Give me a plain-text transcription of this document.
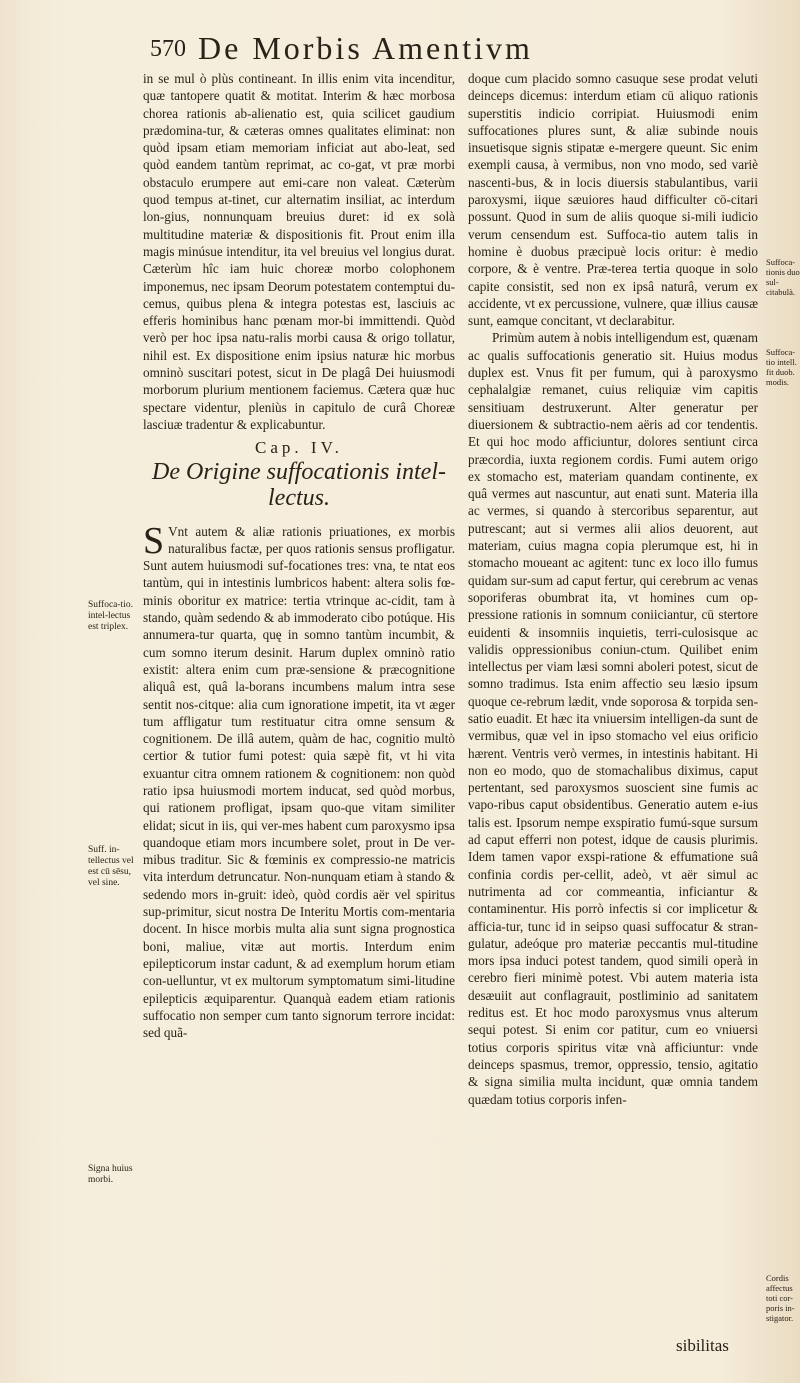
570 De Morbis Amentivm

in se mul ò plùs contineant. In illis enim vita incenditur, quæ tantopere quatit & motitat. Interim & hæc morbosa chorea rationis ab-alienatio est, quia scilicet gaudium prædomina-tur, & cæteras omnes qualitates eliminat: non quòd ipsam etiam memoriam inficiat aut abo-leat, sed quòd eandem tantùm reprimat, ac co-gat, vt præ morbi obstaculo erumpere aut emi-care non valeat. Cæterùm quod tempus at-tinet, cur alternatim insiliat, ac interdum lon-gius, nonnunquam breuius duret: id ex solà multitudine materiæ & dispositionis fit. Prout enim illa magis minúsue intenditur, ita vel breuius vel longius durat. Cæterùm hîc iam huic choreæ morbo colophonem imponemus, nec ipsam Deorum potestatem contemptui du-cemus, quibus plena & integra potestas est, lasciuis ac efferis hominibus hanc pœnam mor-bi immittendi. Quòd verò per hoc ipsa natu-ralis morbi causa & origo tollatur, nihil est. Ex dispositione enim ipsius naturæ hic morbus omninò suscitari potest, sicut in De plagâ Dei huiusmodi morborum plurium mentionem faciemus. Cætera quæ huc spectare videntur, pleniùs in capitulo de curâ Choreæ lasciuæ tradentur & explicabuntur.

Cap. IV.
De Origine suffocationis intel-lectus.

S Vnt autem & aliæ rationis priuationes, ex morbis naturalibus factæ, per quos rationis sensus profligatur. Sunt autem huiusmodi suf-focationes tres: vna, te ntat eos tantùm, qui in intestinis lumbricos habent: altera solis fœ-minis oboritur ex matrice: tertia vtrinque ac-cidit, tam à stando, quàm sedendo & ab immoderato cibo potúque. His annumera-tur quarta, quę in somno tantùm incumbit, & cum somno iterum desinit. Harum duplex omninò ratio existit: altera enim cum præ-sensione & præcognitione aliquâ est, quâ la-borans incumbens malum intra sese sentit nos-citque: alia cum ignoratione impetit, ita vt æger tum affligatur tum restituatur citra omne sensum & cognitionem. De illâ autem, quàm de hac, cognitio multò certior & tutior fumi potest: quia sæpè fit, vt hi vita exuantur citra omnem rationem & cognitionem: non quòd ratio ipsa huiusmodi mortem inducat, sed quòd morbus, qui rationem profligat, ipsam quo-que vitam similiter elidat; sicut in iis, qui ver-mes habent cum paroxysmo ipsa quandoque etiam mors incumbere solet, prout in De ver-mibus traditur. Sic & fœminis ex compressio-ne matricis vita interdum detruncatur. Non-nunquam etiam à stando & sedendo mors in-gruit: ideò, quòd cordis aër vel spiritus sup-primitur, sicut nostra De Interitu Mortis com-mentaria docent. In hisce morbis multa alia sunt signa prognostica boni, maliue, vitæ aut mortis. Interdum enim epilepticorum instar cadunt, & ad exemplum horum etiam con-uelluntur, vt ex multorum symptomatum simi-litudine epilepticis æquiparentur. Quanquà eadem etiam rationis suffocatio non semper cum tanto signorum terrore incidat: sed quã-

doque cum placido somno casuque sese prodat veluti deinceps dicemus: interdum etiam cū aliquo rationis superstitis indicio corripiat. Huiusmodi enim suffocationes plures sunt, & aliæ subinde nouis insuetisque signis stipatæ e-mergere queunt. Sic enim exempli causa, à vermibus, non vno modo, sed variè nascenti-bus, & in locis diuersis stabulantibus, varii paroxysmi, iique sæuiores haud difficulter cō-citari possunt. Quod in sum de aliis quoque si-mili iudicio verum censendum est. Suffoca-tio autem talis in homine è duobus præcipuè locis oritur: è medio corpore, & è ventre. Præ-terea tertia quoque in solo capite consistit, sed non ex ipsâ naturâ, verum ex accidente, vt ex percussione, vulnere, quæ illius causæ sunt, eamque concitant, vt declarabitur.

Primùm autem à nobis intelligendum est, quænam ac qualis suffocationis generatio sit. Huius modus duplex est. Vnus fit per fumum, qui à paroxysmo cephalalgiæ remanet, cuius reliquiæ vim capitis sensitiuam destruxerunt. Alter generatur per diuersionem & subtractio-nem aëris ad cor tendentis. Et qui hoc modo afficiuntur, dolores sentiunt circa præcordia, iuxta regionem cordis. Fumi autem origo ex stomacho est, materiam quandam continente, ex quâ vermes aut nascuntur, aut enati sunt. Materia illa ac vermes, si quando à stercoribus separentur, aut putrescant; aut si vermes alii alios deuorent, aut materiam, cuius magna copia plerumque est, hi in stomacho moueant ac agitent: tunc ex loco illo fumus quidam sur-sum ad caput fertur, qui cerebrum ac venas soporiferas obumbrat ita, vt homines cum op-pressione rationis in somnum coniiciantur, cū stertore euidenti & insomniis inquietis, terri-culosisque ac validis oppressionibus coniun-ctum. Quilibet enim intellectus per viam læsi somni aboleri potest, sicut de somno tradimus. Ista enim affectio seu læsio ipsum quoque ce-rebrum lædit, vnde soporosa & torpida sen-satio euadit. Et hæc ita vniuersim intelligen-da sunt de vermibus, quæ vel in ipso stomacho vel eius orificio hærent. Ventris verò vermes, in intestinis habitant. Hi non eo modo, quo de stomachalibus diximus, caput pertentant, sed paroxysmos suoscient sine fumis ac vapo-ribus caput obsidentibus. Generatio autem e-ius talis est. Ipsorum nempe exspiratio fumú-sque sursum ad caput efferri non potest, idque de causis plurimis. Idem tamen vapor exspi-ratione & effumatione suâ confinia cordis per-cellit, adeò, vt aër simul ac nutrimenta ad cor commeantia, inficiantur & contaminentur. His porrò infectis si cor implicetur & afficia-tur, tunc id in seipso quasi suffocatur & stran-gulatur, adeóque pro materiæ peccantis mul-titudine mors ipsa induci potest tandem, quod simili operà in cerebro fieri minimè potest. Vbi autem materia ista desæuiit aut conflagrauit, postliminio ad sanitatem reditus est. Et hoc modo paroxysmus vnus alterum sequi potest. Si enim cor patitur, cum eo vniuersi totius corporis spiritus vitæ vnà afficiuntur: vnde deinceps spasmus, tremor, oppressio, tensio, agitatio & signa similia multa incidunt, quæ omnia tandem quædam totius corporis infen-

Suffoca-tio. intel-lectus est triplex.
Suff. in-tellectus vel est cū sēsu, vel sine.
Signa huius morbi.
Suffoca-tionis duo sul-citabulà.
Suffoca-tio intell. fit duob. modis.
Cordis affectus toti cor-poris in-stigator.
sibilitas
